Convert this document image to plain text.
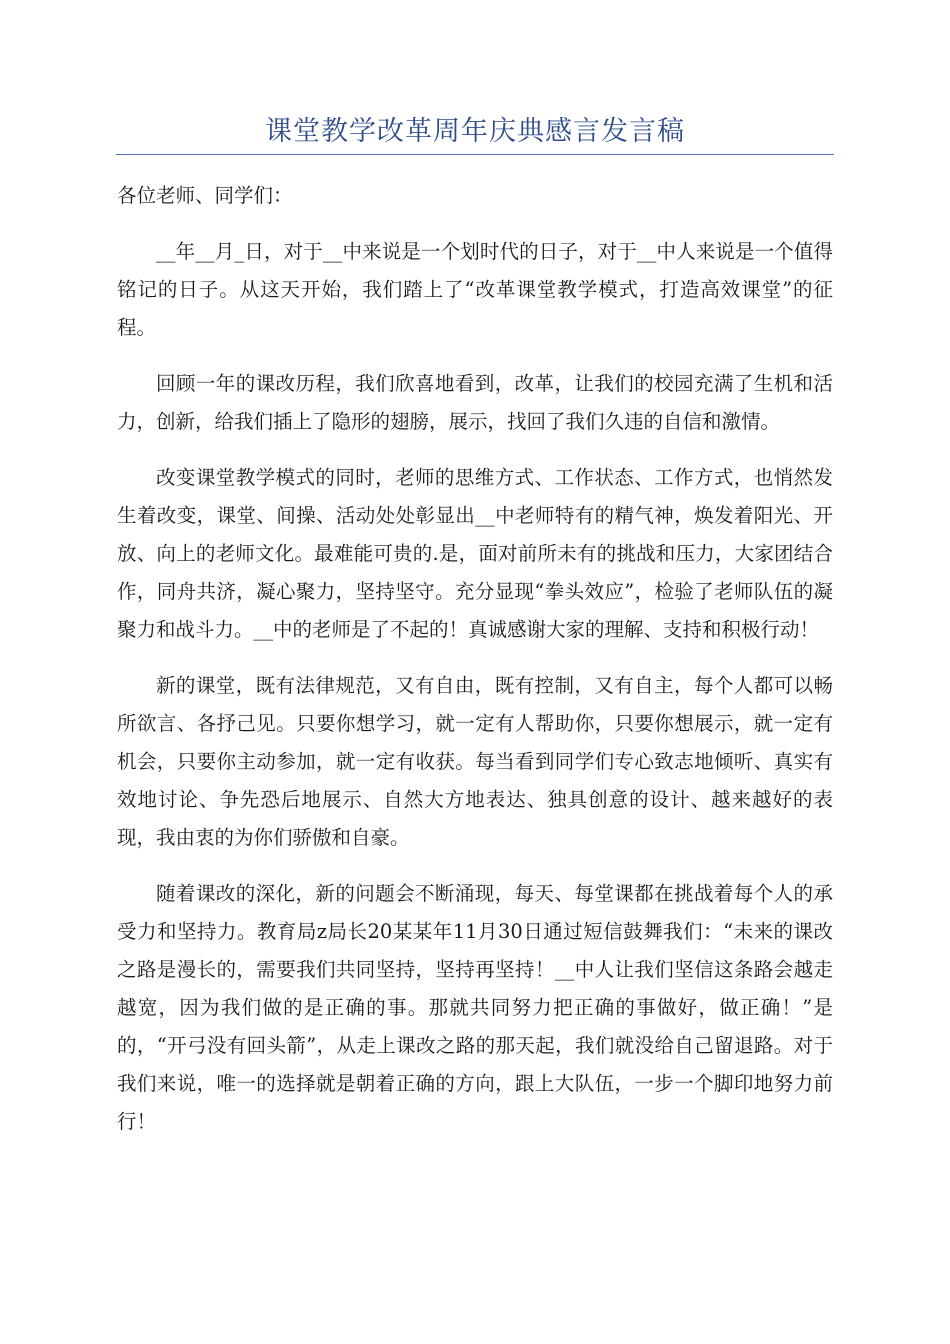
课堂教学改革周年庆典感言发言稿

各位老师、同学们：

__年__月_日，对于__中来说是一个划时代的日子，对于__中人来说是一个值得铭记的日子。从这天开始，我们踏上了“改革课堂教学模式，打造高效课堂”的征程。

回顾一年的课改历程，我们欣喜地看到，改革，让我们的校园充满了生机和活力，创新，给我们插上了隐形的翅膀，展示，找回了我们久违的自信和激情。

改变课堂教学模式的同时，老师的思维方式、工作状态、工作方式，也悄然发生着改变，课堂、间操、活动处处彰显出__中老师特有的精气神，焕发着阳光、开放、向上的老师文化。最难能可贵的.是，面对前所未有的挑战和压力，大家团结合作，同舟共济，凝心聚力，坚持坚守。充分显现“拳头效应”，检验了老师队伍的凝聚力和战斗力。__中的老师是了不起的！真诚感谢大家的理解、支持和积极行动！

新的课堂，既有法律规范，又有自由，既有控制，又有自主，每个人都可以畅所欲言、各抒己见。只要你想学习，就一定有人帮助你，只要你想展示，就一定有机会，只要你主动参加，就一定有收获。每当看到同学们专心致志地倾听、真实有效地讨论、争先恐后地展示、自然大方地表达、独具创意的设计、越来越好的表现，我由衷的为你们骄傲和自豪。

随着课改的深化，新的问题会不断涌现，每天、每堂课都在挑战着每个人的承受力和坚持力。教育局z局长20某某年11月30日通过短信鼓舞我们：“未来的课改之路是漫长的，需要我们共同坚持，坚持再坚持！__中人让我们坚信这条路会越走越宽，因为我们做的是正确的事。那就共同努力把正确的事做好，做正确！”是的，“开弓没有回头箭”，从走上课改之路的那天起，我们就没给自己留退路。对于我们来说，唯一的选择就是朝着正确的方向，跟上大队伍，一步一个脚印地努力前行！
